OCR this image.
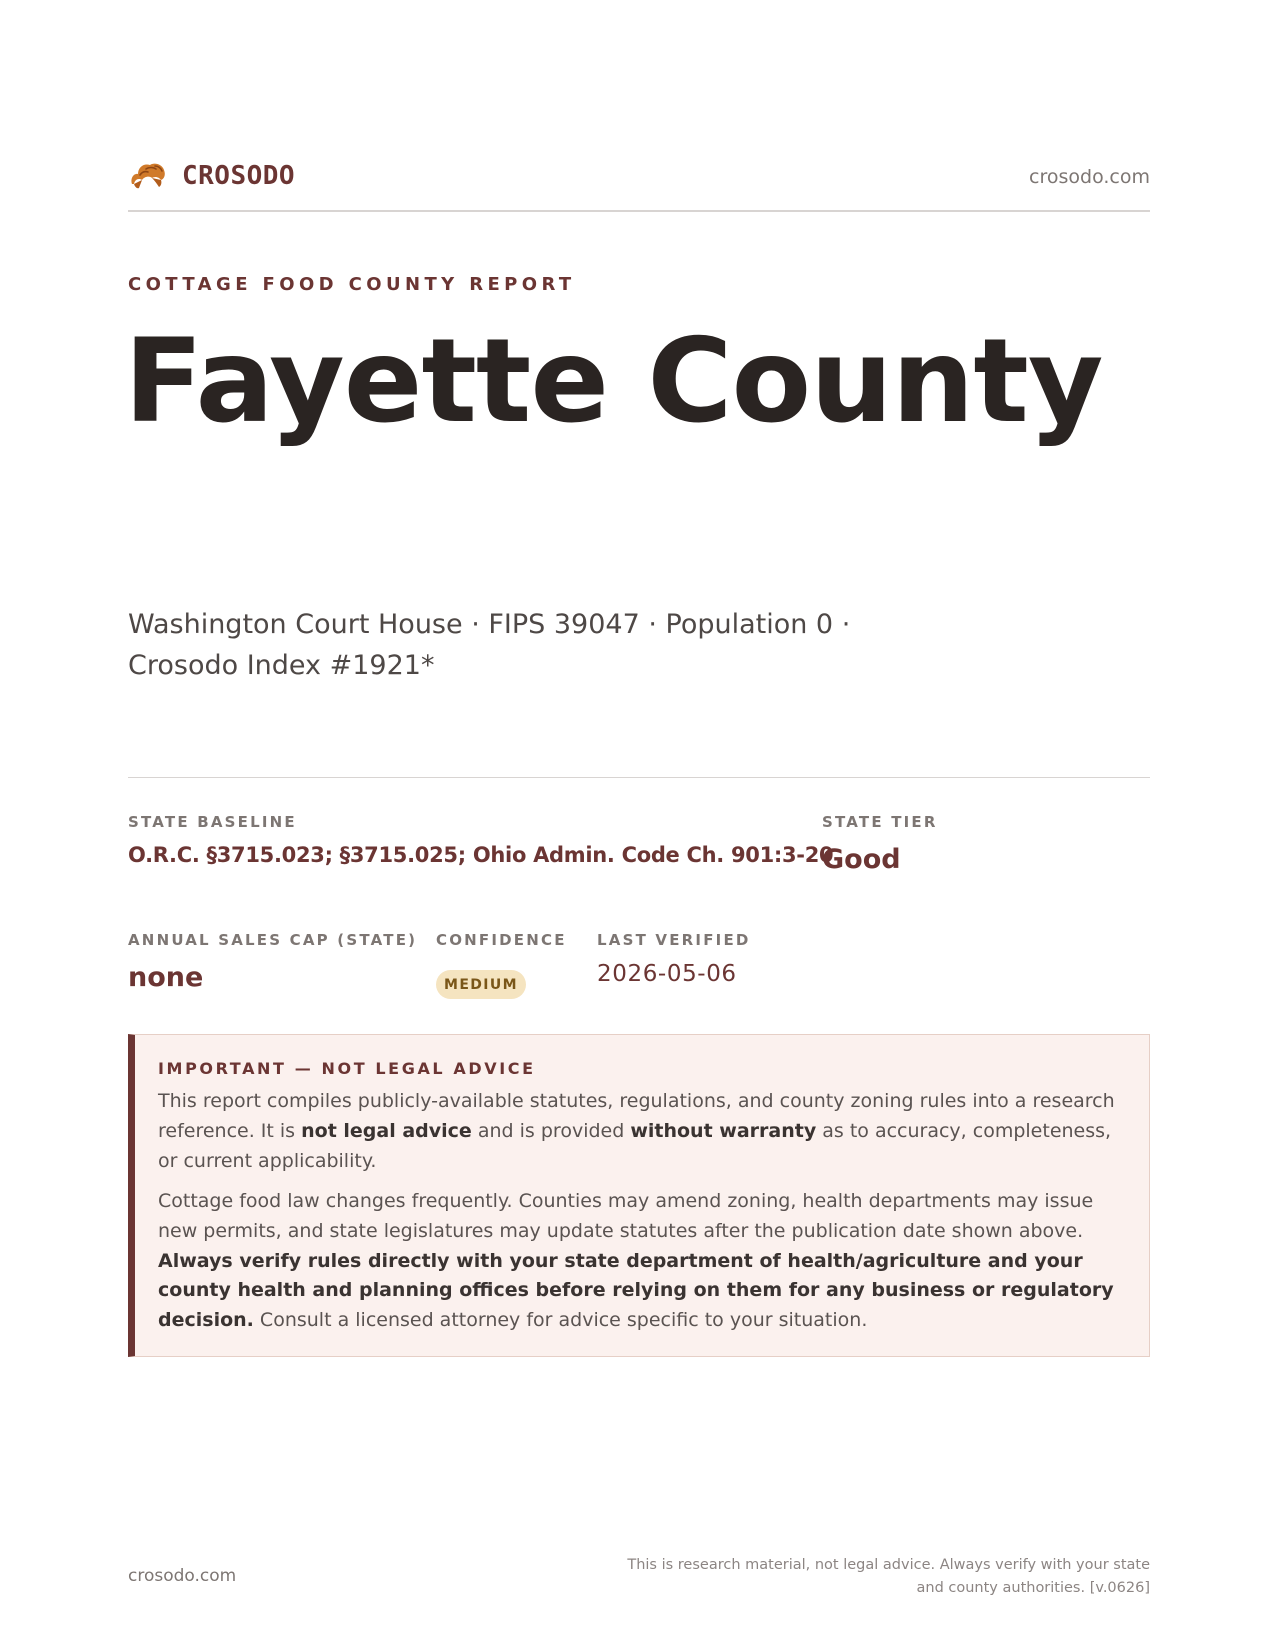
CROSODO	crosodo.com
COTTAGE FOOD COUNTY REPORT
Fayette County
Washington Court House · FIPS 39047 · Population 0 · Crosodo Index #1921*
STATE BASELINE
O.R.C. §3715.023; §3715.025; Ohio Admin. Code Ch. 901:3-20
STATE TIER
Good
ANNUAL SALES CAP (STATE)
none
CONFIDENCE
MEDIUM
LAST VERIFIED
2026-05-06
IMPORTANT — NOT LEGAL ADVICE

This report compiles publicly-available statutes, regulations, and county zoning rules into a research reference. It is not legal advice and is provided without warranty as to accuracy, completeness, or current applicability.

Cottage food law changes frequently. Counties may amend zoning, health departments may issue new permits, and state legislatures may update statutes after the publication date shown above. Always verify rules directly with your state department of health/agriculture and your county health and planning offices before relying on them for any business or regulatory decision. Consult a licensed attorney for advice specific to your situation.

crosodo.com
This is research material, not legal advice. Always verify with your state and county authorities. [v.0626]
